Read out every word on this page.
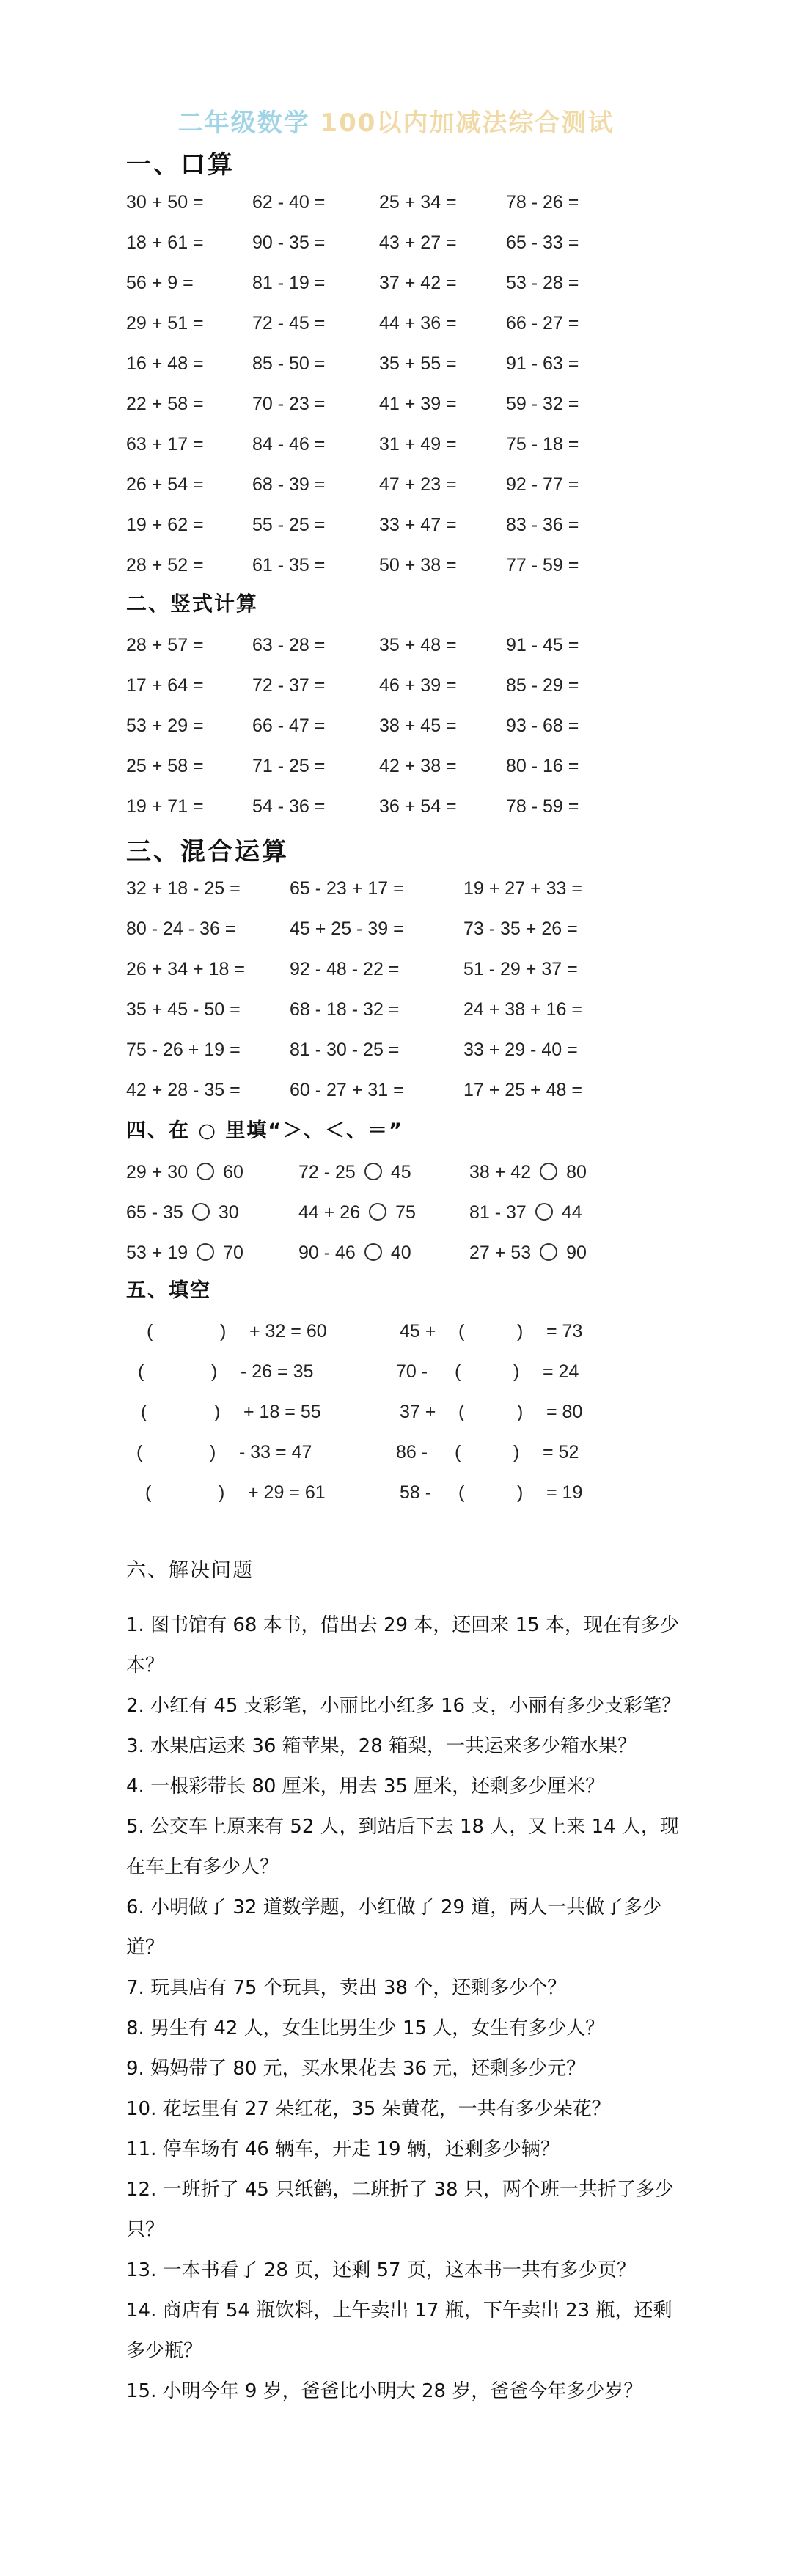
二年级数学 100以内加减法综合测试
一、口算
30 + 50 =	62 - 40 =	25 + 34 =	78 - 26 =
18 + 61 =	90 - 35 =	43 + 27 =	65 - 33 =
56 + 9 =	81 - 19 =	37 + 42 =	53 - 28 =
29 + 51 =	72 - 45 =	44 + 36 =	66 - 27 =
16 + 48 =	85 - 50 =	35 + 55 =	91 - 63 =
22 + 58 =	70 - 23 =	41 + 39 =	59 - 32 =
63 + 17 =	84 - 46 =	31 + 49 =	75 - 18 =
26 + 54 =	68 - 39 =	47 + 23 =	92 - 77 =
19 + 62 =	55 - 25 =	33 + 47 =	83 - 36 =
28 + 52 =	61 - 35 =	50 + 38 =	77 - 59 =
二、竖式计算
28 + 57 =	63 - 28 =	35 + 48 =	91 - 45 =
17 + 64 =	72 - 37 =	46 + 39 =	85 - 29 =
53 + 29 =	66 - 47 =	38 + 45 =	93 - 68 =
25 + 58 =	71 - 25 =	42 + 38 =	80 - 16 =
19 + 71 =	54 - 36 =	36 + 54 =	78 - 59 =
三、混合运算
32 + 18 - 25 =	65 - 23 + 17 =	19 + 27 + 33 =
80 - 24 - 36 =	45 + 25 - 39 =	73 - 35 + 26 =
26 + 34 + 18 = 92 - 48 - 22 =	51 - 29 + 37 =
35 + 45 - 50 =	68 - 18 - 32 =	24 + 38 + 16 =
75 - 26 + 19 =	81 - 30 - 25 =	33 + 29 - 40 =
42 + 28 - 35 =	60 - 27 + 31 =	17 + 25 + 48 =
四、在 ○ 里填“＞、＜、＝”
29 + 30 60	72 - 25 45	38 + 42 80
65 - 35 30	44 + 26 75	81 - 37 44
53 + 19 70	90 - 46 40	27 + 53 90
五、填空
(	) + 32 = 60	45 + (	) = 73
(	) - 26 = 35	70 - (	) = 24
(	) + 18 = 55	37 + (	) = 80
(	) - 33 = 47	86 - (	) = 52
(	) + 29 = 61	58 - (	) = 19
六、解决问题
1. 图书馆有 68 本书，借出去 29 本，还回来 15 本，现在有多少本？
2. 小红有 45 支彩笔，小丽比小红多 16 支，小丽有多少支彩笔？
3. 水果店运来 36 箱苹果，28 箱梨，一共运来多少箱水果？
4. 一根彩带长 80 厘米，用去 35 厘米，还剩多少厘米？
5. 公交车上原来有 52 人，到站后下去 18 人，又上来 14 人，现在车上有多少人？
6. 小明做了 32 道数学题，小红做了 29 道，两人一共做了多少道？
7. 玩具店有 75 个玩具，卖出 38 个，还剩多少个？
8. 男生有 42 人，女生比男生少 15 人，女生有多少人？
9. 妈妈带了 80 元，买水果花去 36 元，还剩多少元？
10. 花坛里有 27 朵红花，35 朵黄花，一共有多少朵花？
11. 停车场有 46 辆车，开走 19 辆，还剩多少辆？
12. 一班折了 45 只纸鹤，二班折了 38 只，两个班一共折了多少只？
13. 一本书看了 28 页，还剩 57 页，这本书一共有多少页？
14. 商店有 54 瓶饮料，上午卖出 17 瓶，下午卖出 23 瓶，还剩多少瓶？
15. 小明今年 9 岁，爸爸比小明大 28 岁，爸爸今年多少岁？
